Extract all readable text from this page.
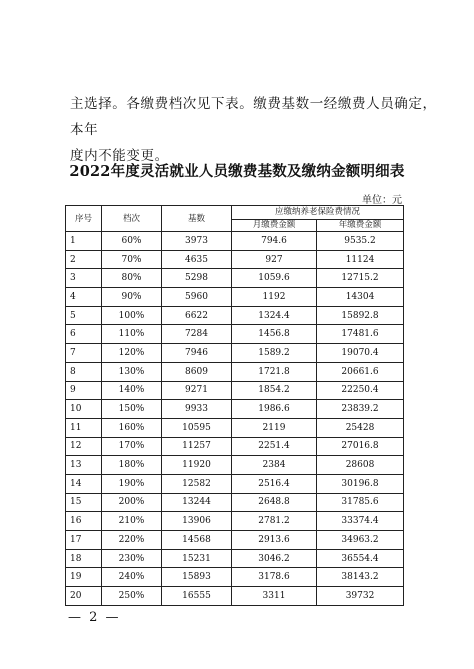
主选择。各缴费档次见下表。缴费基数一经缴费人员确定，本年

度内不能变更。

2022年度灵活就业人员缴费基数及缴纳金额明细表
单位：元
序号	档次	基数	应缴纳养老保险费情况	
			月缴费金额	年缴费金额
1	60%	3973	794.6	9535.2
2	70%	4635	927	11124
3	80%	5298	1059.6	12715.2
4	90%	5960	1192	14304
5	100%	6622	1324.4	15892.8
6	110%	7284	1456.8	17481.6
7	120%	7946	1589.2	19070.4
8	130%	8609	1721.8	20661.6
9	140%	9271	1854.2	22250.4
10	150%	9933	1986.6	23839.2
11	160%	10595	2119	25428
12	170%	11257	2251.4	27016.8
13	180%	11920	2384	28608
14	190%	12582	2516.4	30196.8
15	200%	13244	2648.8	31785.6
16	210%	13906	2781.2	33374.4
17	220%	14568	2913.6	34963.2
18	230%	15231	3046.2	36554.4
19	240%	15893	3178.6	38143.2
20	250%	16555	3311	39732
— 2 —
